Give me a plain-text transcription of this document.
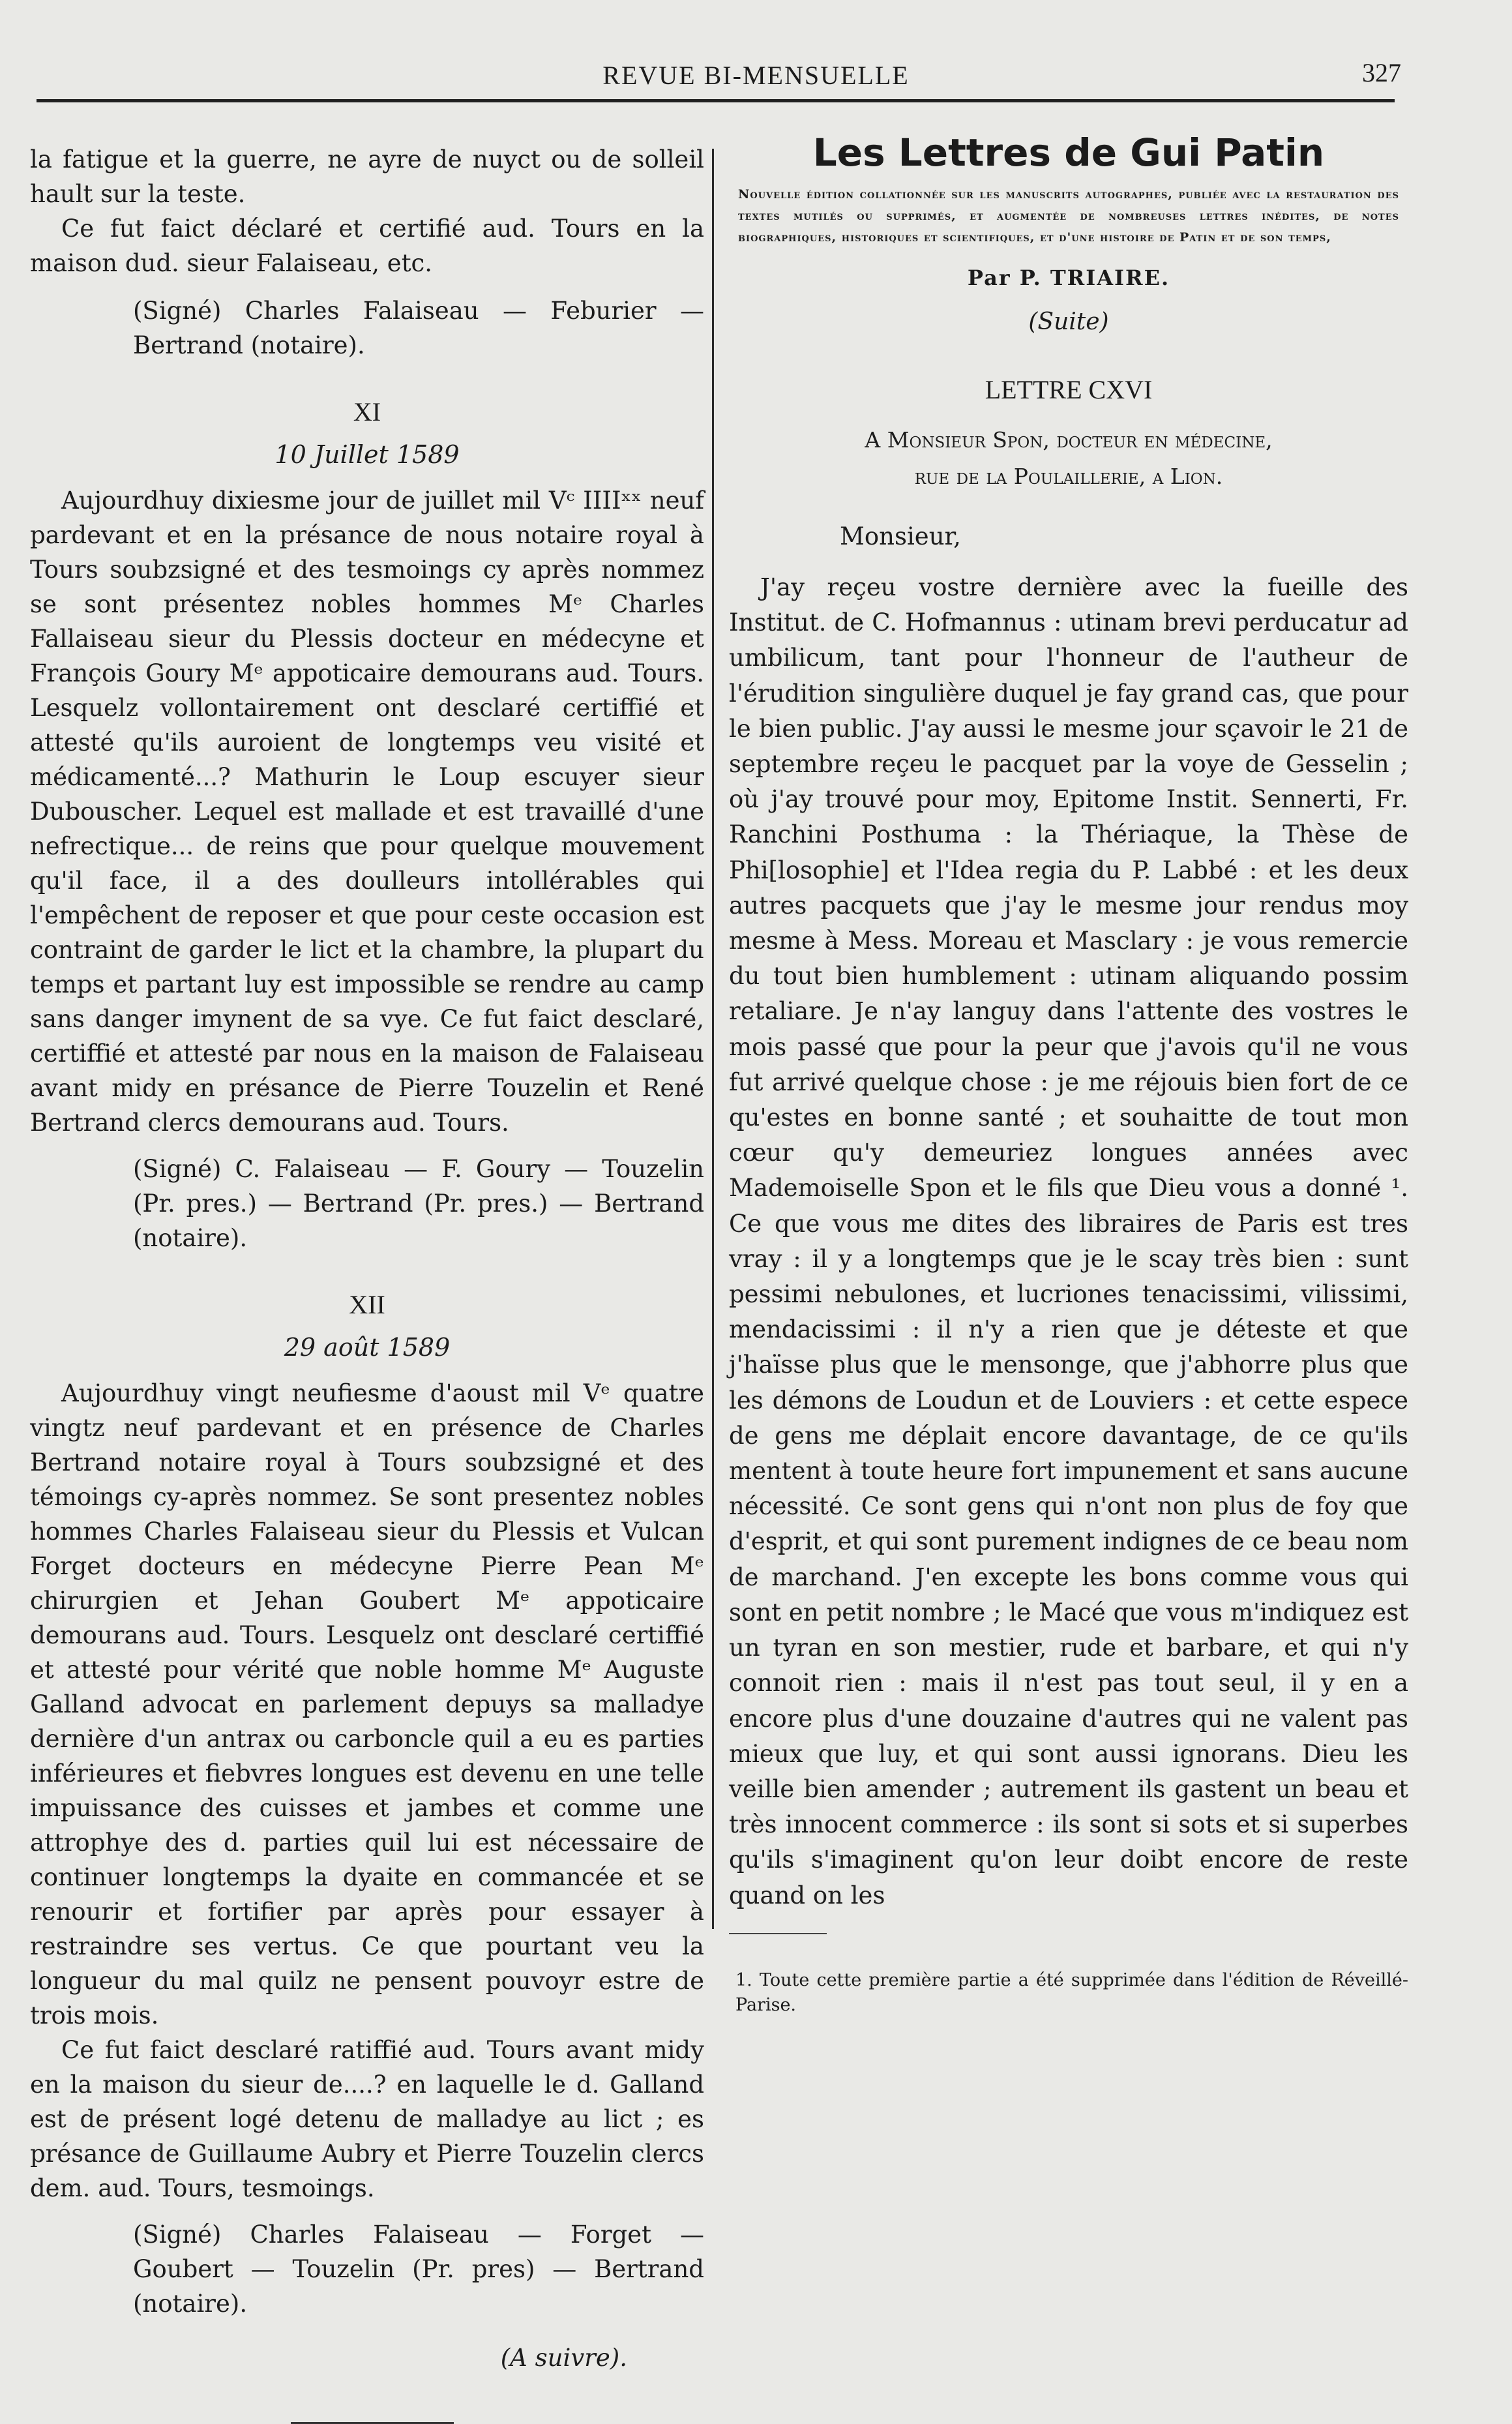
REVUE BI-MENSUELLE	327

la fatigue et la guerre, ne ayre de nuyct ou de solleil hault sur la teste.

Ce fut faict déclaré et certifié aud. Tours en la maison dud. sieur Falaiseau, etc.

(Signé) Charles Falaiseau — Feburier — Bertrand (notaire).

XI
10 Juillet 1589

Aujourdhuy dixiesme jour de juillet mil Vᶜ IIIIˣˣ neuf pardevant et en la présance de nous notaire royal à Tours soubzsigné et des tesmoings cy après nommez se sont présentez nobles hommes Mᵉ Charles Fallaiseau sieur du Plessis docteur en médecyne et François Goury Mᵉ appoticaire demourans aud. Tours. Lesquelz vollontairement ont desclaré certiffié et attesté qu'ils auroient de longtemps veu visité et médicamenté...? Mathurin le Loup escuyer sieur Dubouscher. Lequel est mallade et est travaillé d'une nefrectique... de reins que pour quelque mouvement qu'il face, il a des doulleurs intollérables qui l'empêchent de reposer et que pour ceste occasion est contraint de garder le lict et la chambre, la plupart du temps et partant luy est impossible se rendre au camp sans danger imynent de sa vye. Ce fut faict desclaré, certiffié et attesté par nous en la maison de Falaiseau avant midy en présance de Pierre Touzelin et René Bertrand clercs demourans aud. Tours.

(Signé) C. Falaiseau — F. Goury — Touzelin (Pr. pres.) — Bertrand (Pr. pres.) — Bertrand (notaire).

XII
29 août 1589

Aujourdhuy vingt neufiesme d'aoust mil Vᵉ quatre vingtz neuf pardevant et en présence de Charles Bertrand notaire royal à Tours soubzsigné et des témoings cy-après nommez. Se sont presentez nobles hommes Charles Falaiseau sieur du Plessis et Vulcan Forget docteurs en médecyne Pierre Pean Mᵉ chirurgien et Jehan Goubert Mᵉ appoticaire demourans aud. Tours. Lesquelz ont desclaré certiffié et attesté pour vérité que noble homme Mᵉ Auguste Galland advocat en parlement depuys sa malladye dernière d'un antrax ou carboncle quil a eu es parties inférieures et fiebvres longues est devenu en une telle impuissance des cuisses et jambes et comme une attrophye des d. parties quil lui est nécessaire de continuer longtemps la dyaite en commancée et se renourir et fortifier par après pour essayer à restraindre ses vertus. Ce que pourtant veu la longueur du mal quilz ne pensent pouvoyr estre de trois mois.

Ce fut faict desclaré ratiffié aud. Tours avant midy en la maison du sieur de....? en laquelle le d. Galland est de présent logé detenu de malladye au lict ; es présance de Guillaume Aubry et Pierre Touzelin clercs dem. aud. Tours, tesmoings.

(Signé) Charles Falaiseau — Forget — Goubert — Touzelin (Pr. pres) — Bertrand (notaire).

(A suivre).

Les Lettres de Gui Patin
Nouvelle édition collationnée sur les manuscrits autographes, publiée avec la restauration des textes mutilés ou supprimés, et augmentée de nombreuses lettres inédites, de notes biographiques, historiques et scientifiques, et d'une histoire de Patin et de son temps,
Par P. TRIAIRE.
(Suite)
LETTRE CXVI
A Monsieur Spon, docteur en médecine,
rue de la Poulaillerie, a Lion.
Monsieur,

J'ay reçeu vostre dernière avec la fueille des Institut. de C. Hofmannus : utinam brevi perducatur ad umbilicum, tant pour l'honneur de l'autheur de l'érudition singulière duquel je fay grand cas, que pour le bien public. J'ay aussi le mesme jour sçavoir le 21 de septembre reçeu le pacquet par la voye de Gesselin ; où j'ay trouvé pour moy, Epitome Instit. Sennerti, Fr. Ranchini Posthuma : la Thériaque, la Thèse de Phi[losophie] et l'Idea regia du P. Labbé : et les deux autres pacquets que j'ay le mesme jour rendus moy mesme à Mess. Moreau et Masclary : je vous remercie du tout bien humblement : utinam aliquando possim retaliare. Je n'ay languy dans l'attente des vostres le mois passé que pour la peur que j'avois qu'il ne vous fut arrivé quelque chose : je me réjouis bien fort de ce qu'estes en bonne santé ; et souhaitte de tout mon cœur qu'y demeuriez longues années avec Mademoiselle Spon et le fils que Dieu vous a donné ¹. Ce que vous me dites des libraires de Paris est tres vray : il y a longtemps que je le scay très bien : sunt pessimi nebulones, et lucriones tenacissimi, vilissimi, mendacissimi : il n'y a rien que je déteste et que j'haïsse plus que le mensonge, que j'abhorre plus que les démons de Loudun et de Louviers : et cette espece de gens me déplait encore davantage, de ce qu'ils mentent à toute heure fort impunement et sans aucune nécessité. Ce sont gens qui n'ont non plus de foy que d'esprit, et qui sont purement indignes de ce beau nom de marchand. J'en excepte les bons comme vous qui sont en petit nombre ; le Macé que vous m'indiquez est un tyran en son mestier, rude et barbare, et qui n'y connoit rien : mais il n'est pas tout seul, il y en a encore plus d'une douzaine d'autres qui ne valent pas mieux que luy, et qui sont aussi ignorans. Dieu les veille bien amender ; autrement ils gastent un beau et très innocent commerce : ils sont si sots et si superbes qu'ils s'imaginent qu'on leur doibt encore de reste quand on les

1. Toute cette première partie a été supprimée dans l'édition de Réveillé-Parise.
